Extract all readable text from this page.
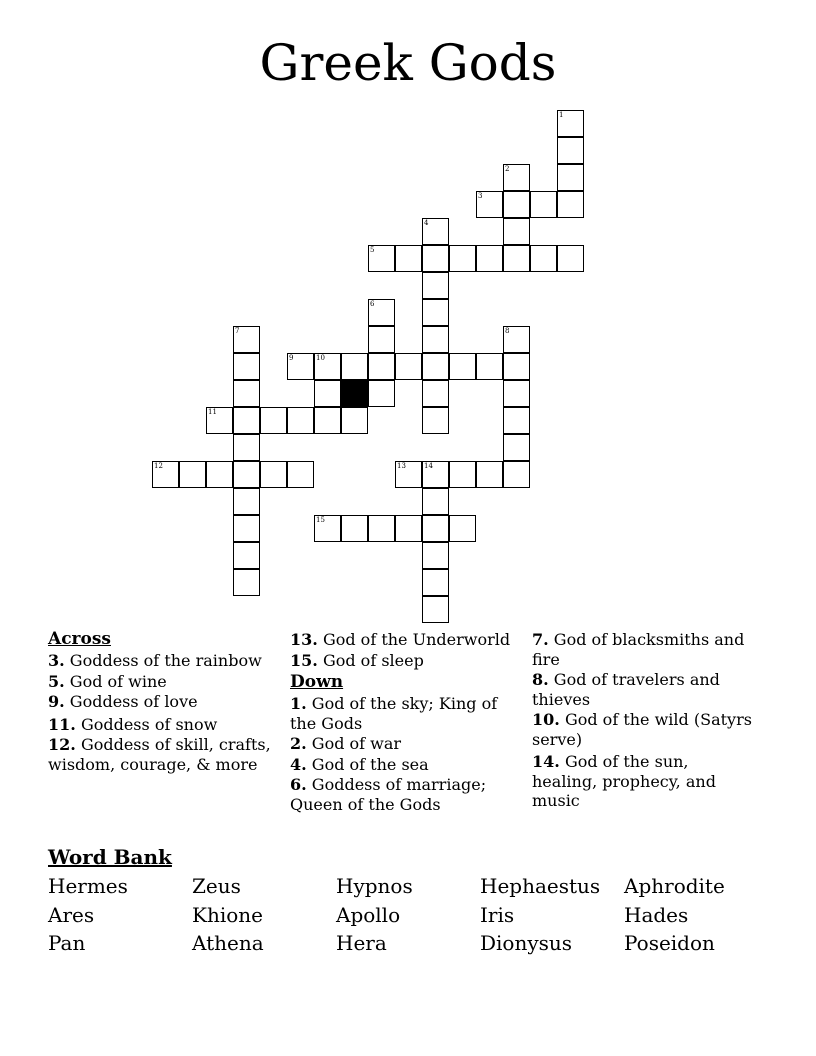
Greek Gods
1
2
3
4
5
6
7	8
9	10
11
12	13	14
15
Across
3. Goddess of the rainbow
5. God of wine
9. Goddess of love
11. Goddess of snow
12. Goddess of skill, crafts, wisdom, courage, & more
13. God of the Underworld
15. God of sleep
Down
1. God of the sky; King of the Gods
2. God of war
4. God of the sea
6. Goddess of marriage; Queen of the Gods
7. God of blacksmiths and fire
8. God of travelers and thieves
10. God of the wild (Satyrs serve)
14. God of the sun, healing, prophecy, and music
Word Bank
Hermes	Zeus	Hypnos	Hephaestus	Aphrodite
Ares	Khione	Apollo	Iris	Hades
Pan	Athena	Hera	Dionysus	Poseidon
